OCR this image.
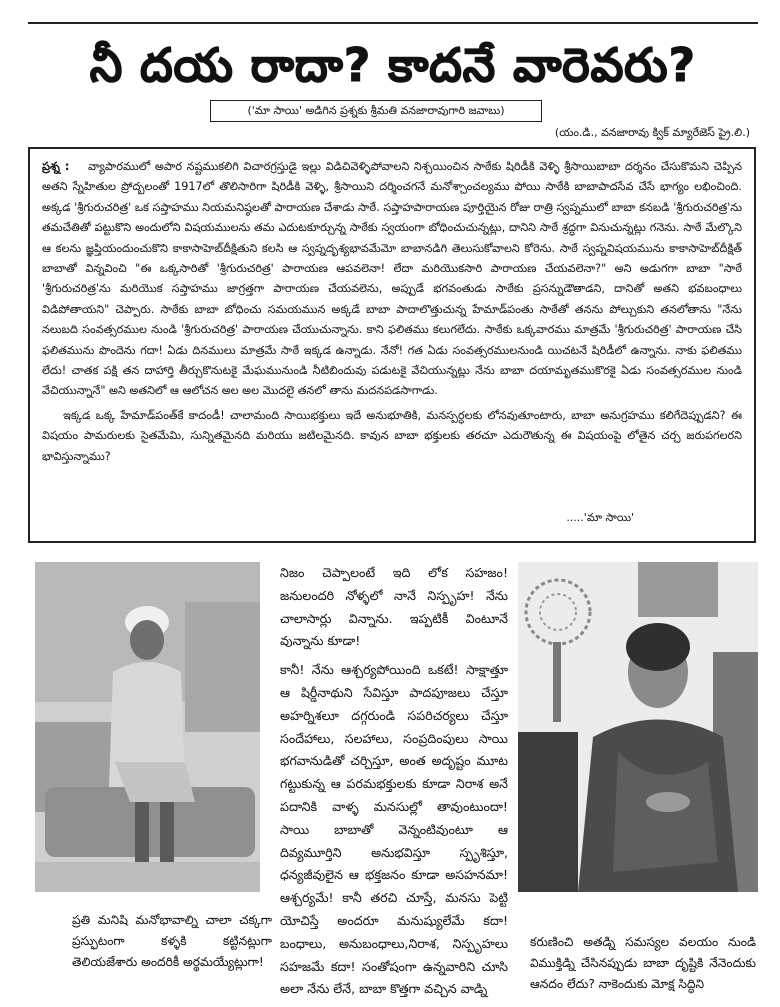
నీ దయ రాదా? కాదనే వారెవరు?
('మా సాయి' అడిగిన ప్రశ్నకు శ్రీమతి వనజారావుగారి జవాబు)
(యం.డి., వనజారావు క్విక్ మ్యారేజెస్ ప్రై.లి.)

ప్రశ్న : వ్యాపారములో అపార నష్టముకలిగి విచారగ్రస్తుడై ఇల్లు విడిచివెళ్ళిపోవాలని నిశ్చయించిన సాఠేకు షిరిడీకి వెళ్ళి శ్రీసాయిబాబా దర్శనం చేసుకొమని చెప్పిన అతని స్నేహితుల ప్రోద్బలంతో 1917లో తొలిసారిగా షిరిడీకి వెళ్ళి, శ్రీసాయిని దర్శించగనే మనోశ్చాంచల్యము పోయి సాఠేకి బాబాపాదసేవ చేసే భాగ్యం లభించింది. అక్కడ 'శ్రీగురుచరిత్ర' ఒక సప్తాహము నియమనిష్ఠలతో పారాయణ చేశాడు సాఠే. సప్తాహపారాయణ పూర్తియైన రోజు రాత్రి స్వప్నములో బాబా కనబడి 'శ్రీగురుచరిత్ర'ను తమచేతితో పట్టుకొని అందులోని విషయములను తమ ఎదుటకూర్చున్న సాఠేకు స్వయంగా బోధించుచున్నట్లు, దానిని సాఠే శ్రద్ధగా వినుచున్నట్లు గనెను. సాఠే మేల్కొని ఆ కలను జ్ఞప్తియందుంచుకొని కాకాసాహెబ్‌దీక్షితుని కలసి ఆ స్వప్నదృశ్యభావమేమో బాబానడిగి తెలుసుకోవాలని కోరెను. సాఠే స్వప్నవిషయమును కాకాసాహెబ్‌దీక్షిత్ బాబాతో విన్నవించి "ఈ ఒక్కసారితో 'శ్రీగురుచరిత్ర' పారాయణ ఆపవలెనా! లేదా మరియొకసారి పారాయణ చేయవలెనా?" అని అడుగగా బాబా "సాఠే 'శ్రీగురుచరిత్ర'ను మరియొక సప్తాహము జాగ్రత్తగా పారాయణ చేయవలెను, అప్పుడే భగవంతుడు సాఠేకు ప్రసన్నుడౌతాడని, దానితో అతని భవబంధాలు విడిపోతాయని" చెప్పారు. సాఠేకు బాబా బోధించు సమయమున అక్కడే బాబా పాదాలొత్తుచున్న హేమాడ్‌పంతు సాఠేతో తనను పోల్చుకుని తనలోతాను "నేను నలుబది సంవత్సరముల నుండి 'శ్రీగురుచరిత్ర' పారాయణ చేయుచున్నాను. కాని ఫలితము కలుగలేదు. సాఠేకు ఒక్కవారము మాత్రమే 'శ్రీగురుచరిత్ర' పారాయణ చేసి ఫలితమును పొందెను గదా! ఏడు దినములు మాత్రమే సాఠే ఇక్కడ ఉన్నాడు. నేనో! గత ఏడు సంవత్సరములనుండి యిచటనే షిరిడీలో ఉన్నాను. నాకు ఫలితము లేదు! చాతక పక్షి తన దాహార్తి తీర్చుకొనుటకై మేఘమునుండి నీటిబిందువు పడుటకై వేచియున్నట్లు నేను బాబా దయామృతముకొరకై ఏడు సంవత్సరముల నుండి వేచియున్నానే" అని అతనిలో ఆ ఆలోచన అల అల మొదలై తనలో తాను మదనపడసాగాడు.

ఇక్కడ ఒక్క హేమాడ్‌పంత్‌కే కాదండీ! చాలామంది సాయిభక్తులు ఇదే అనుభూతికి, మనస్పర్ధలకు లోనవుతూంటారు, బాబా అనుగ్రహము కలిగేదెప్పుడని? ఈ విషయం పామరులకు సైతమేమి, సున్నితమైనది మరియు జటిలమైనది. కావున బాబా భక్తులకు తరచూ ఎదురౌతున్న ఈ విషయంపై లోతైన చర్చ జరుపగలరని భావిస్తున్నాము?

.....'మా సాయి'

నిజం చెప్పాలంటే ఇది లోక సహజం! జనులందరి నోళ్ళలో నానే నిస్పృహ! నేను చాలాసార్లు విన్నాను. ఇప్పటికీ వింటూనే వున్నాను కూడా!

కానీ! నేను ఆశ్చర్యపోయింది ఒకటే! సాక్షాత్తూ ఆ షిర్డీనాథుని సేవిస్తూ పాదపూజలు చేస్తూ అహర్నిశలూ దగ్గరుండి సపరిచర్యలు చేస్తూ సందేహాలు, సలహాలు, సంప్రదింపులు సాయి భగవానుడితో చర్చిస్తూ, అంత అదృష్టం మూట గట్టుకున్న ఆ పరమభక్తులకు కూడా నిరాశ అనే పదానికి వాళ్ళ మనసుల్లో తావుంటుందా! సాయి బాబాతో వెన్నంటివుంటూ ఆ దివ్యమూర్తిని అనుభవిస్తూ స్పృశిస్తూ, ధన్యజీవులైన ఆ భక్తజనం కూడా అసహనమా! ఆశ్చర్యమే! కానీ తరచి చూస్తే, మనసు పెట్టి యోచిస్తే అందరూ మనుష్యులేమే కదా! బంధాలు, అనుబంధాలు,నిరాశ, నిస్పృహలు సహజమే కదా! సంతోషంగా ఉన్నవారిని చూసి అలా నేను లేనే, బాబా కొత్తగా వచ్చిన వాడ్ని

ప్రతి మనిషి మనోభావాల్ని చాలా చక్కగా ప్రస్ఫుటంగా కళ్ళకి కట్టినట్లుగా తెలియజేశారు అందరికీ అర్థమయ్యేట్లుగా!
కరుణించి అతడ్ని సమస్యల వలయం నుండి విముక్తిడ్ని చేసినప్పుడు బాబా దృష్టికి నేనెందుకు ఆనదం లేదు? నాకెందుకు మోక్ష సిద్ధిని
